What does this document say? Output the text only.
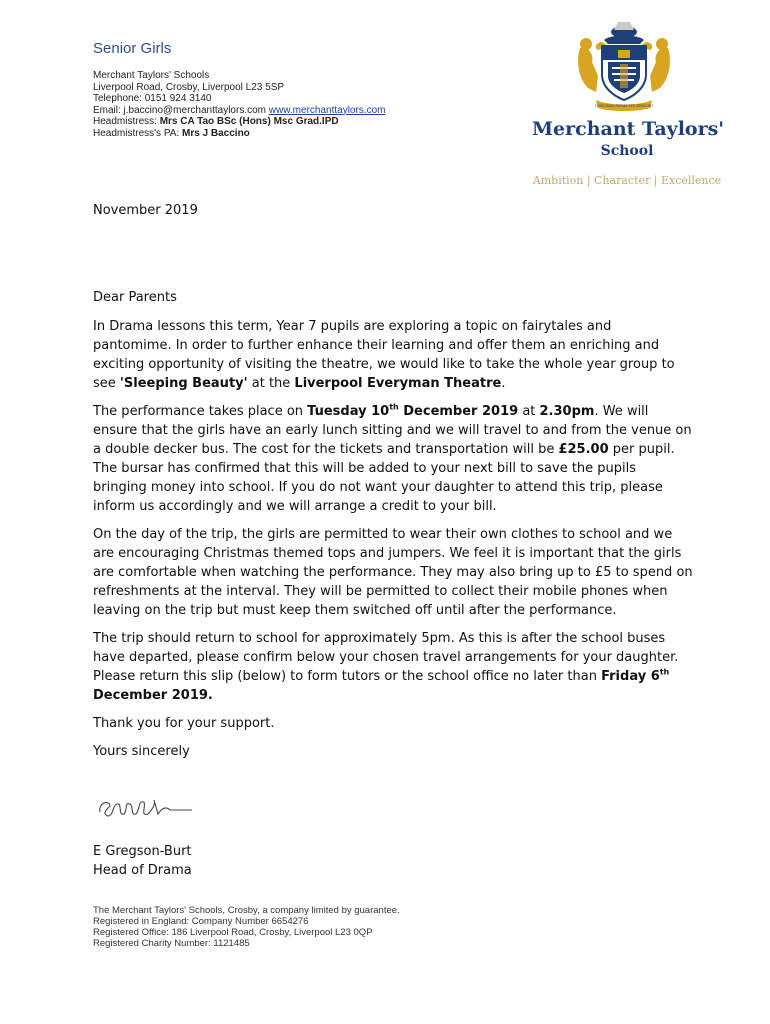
Senior Girls
Merchant Taylors' Schools
Liverpool Road, Crosby, Liverpool L23 5SP
Telephone: 0151 924 3140
Email: j.baccino@merchanttaylors.com www.merchanttaylors.com
Headmistress: Mrs CA Tao BSc (Hons) Msc Grad.IPD
Headmistress's PA: Mrs J Baccino
CONCORDIA PARVAE RES CRESCUNT
Merchant Taylors'
School
Ambition | Character | Excellence
November 2019

Dear Parents

In Drama lessons this term, Year 7 pupils are exploring a topic on fairytales and pantomime. In order to further enhance their learning and offer them an enriching and exciting opportunity of visiting the theatre, we would like to take the whole year group to see 'Sleeping Beauty' at the Liverpool Everyman Theatre.

The performance takes place on Tuesday 10th December 2019 at 2.30pm. We will ensure that the girls have an early lunch sitting and we will travel to and from the venue on a double decker bus. The cost for the tickets and transportation will be £25.00 per pupil. The bursar has confirmed that this will be added to your next bill to save the pupils bringing money into school. If you do not want your daughter to attend this trip, please inform us accordingly and we will arrange a credit to your bill.

On the day of the trip, the girls are permitted to wear their own clothes to school and we are encouraging Christmas themed tops and jumpers. We feel it is important that the girls are comfortable when watching the performance. They may also bring up to £5 to spend on refreshments at the interval. They will be permitted to collect their mobile phones when leaving on the trip but must keep them switched off until after the performance.

The trip should return to school for approximately 5pm. As this is after the school buses have departed, please confirm below your chosen travel arrangements for your daughter. Please return this slip (below) to form tutors or the school office no later than Friday 6th December 2019.

Thank you for your support.

Yours sincerely

E Gregson-Burt
Head of Drama
The Merchant Taylors' Schools, Crosby, a company limited by guarantee.
Registered in England: Company Number 6654276
Registered Office: 186 Liverpool Road, Crosby, Liverpool L23 0QP
Registered Charity Number: 1121485
